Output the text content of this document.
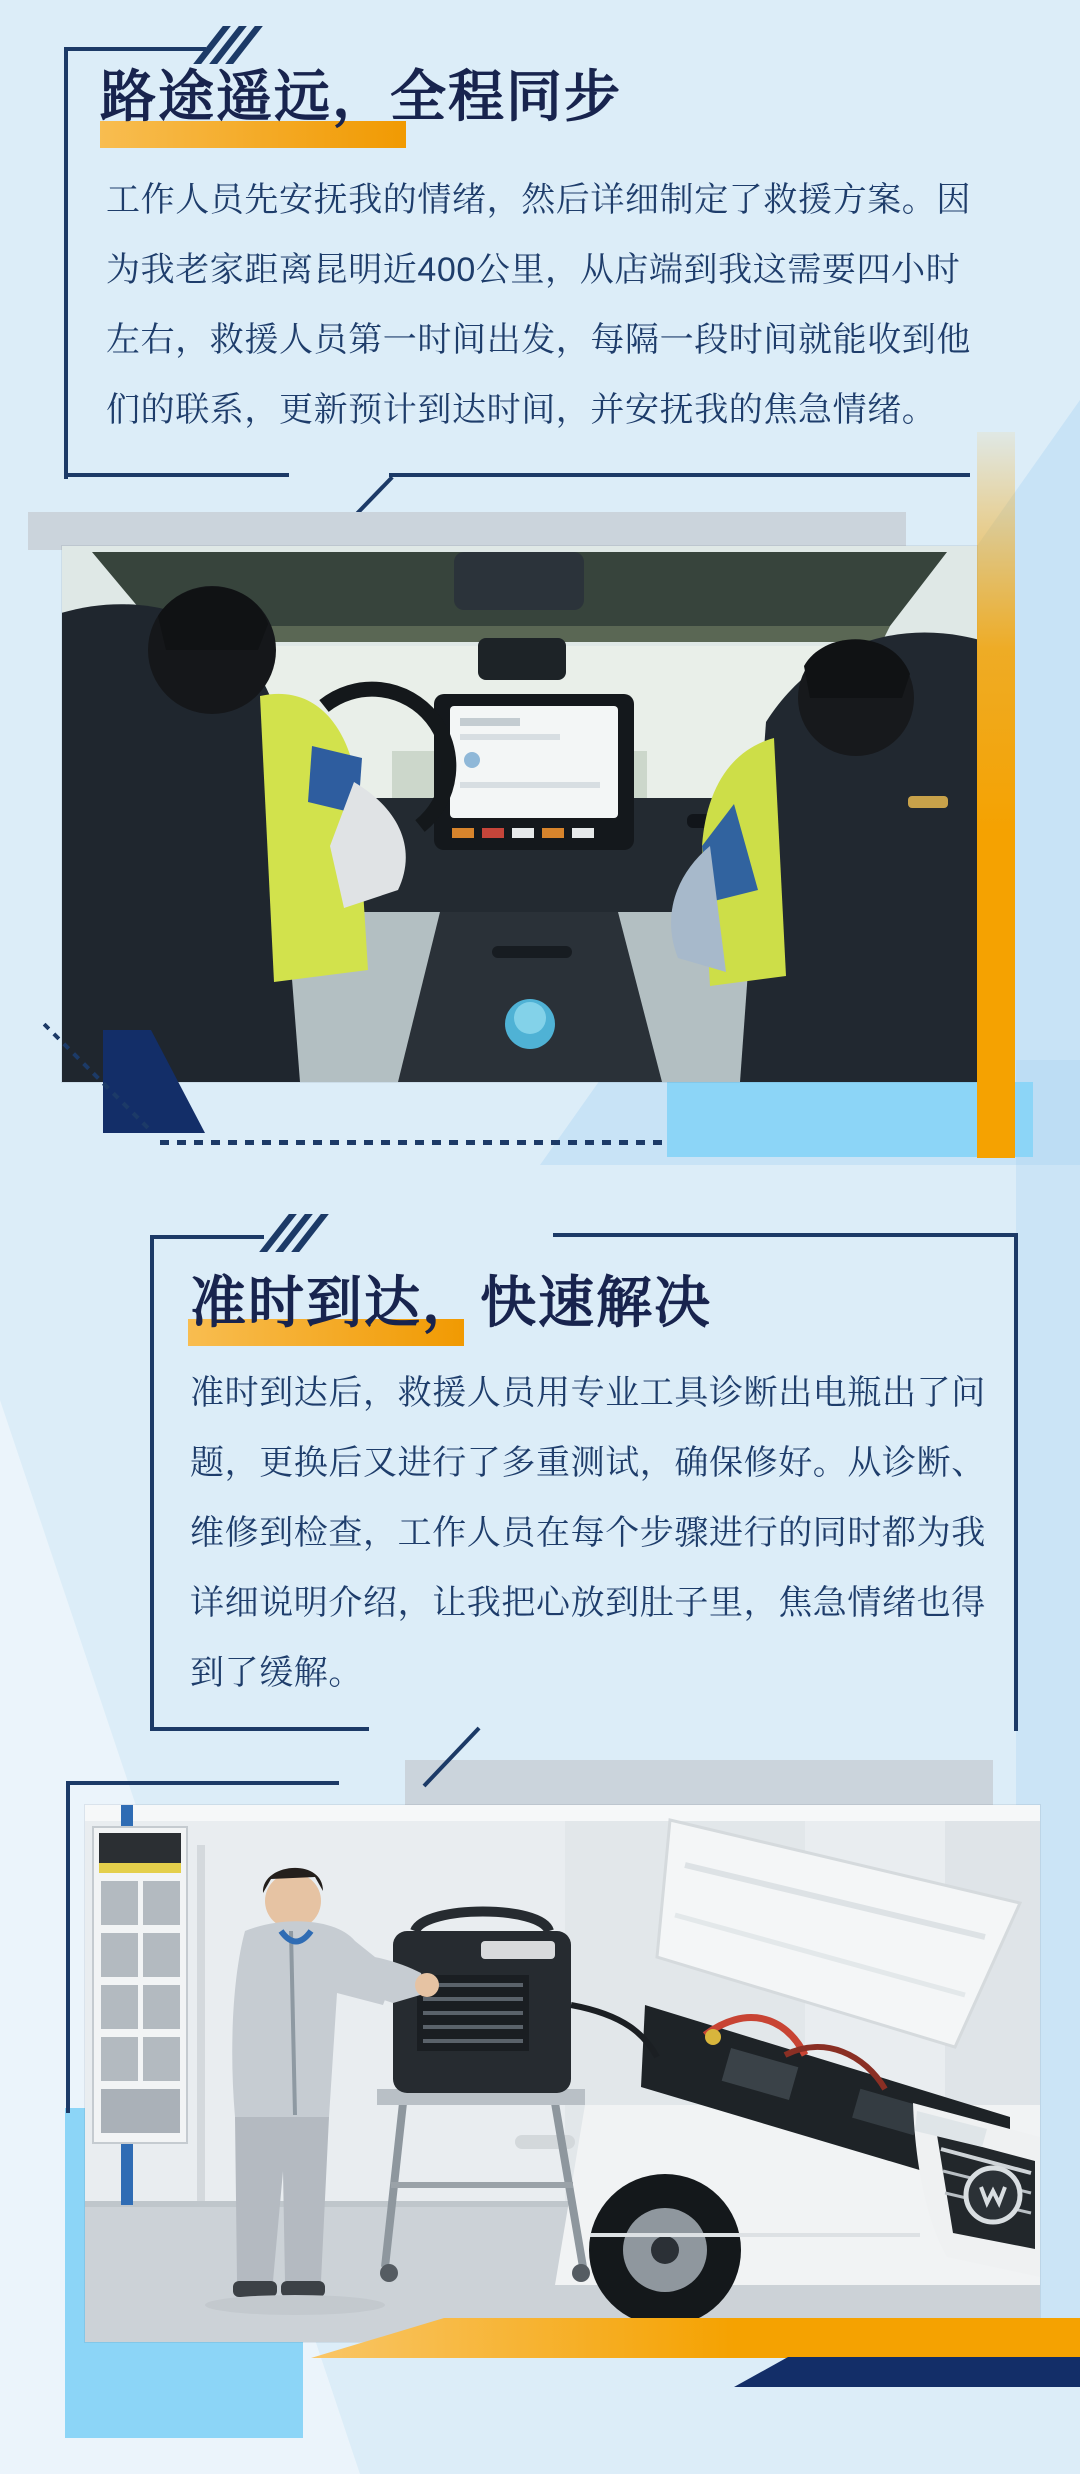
路途遥远，全程同步
工作人员先安抚我的情绪，然后详细制定了救援方案。因
为我老家距离昆明近400公里，从店端到我这需要四小时
左右，救援人员第一时间出发，每隔一段时间就能收到他
们的联系，更新预计到达时间，并安抚我的焦急情绪。
准时到达，快速解决
准时到达后，救援人员用专业工具诊断出电瓶出了问
题，更换后又进行了多重测试，确保修好。从诊断、
维修到检查，工作人员在每个步骤进行的同时都为我
详细说明介绍，让我把心放到肚子里，焦急情绪也得
到了缓解。
